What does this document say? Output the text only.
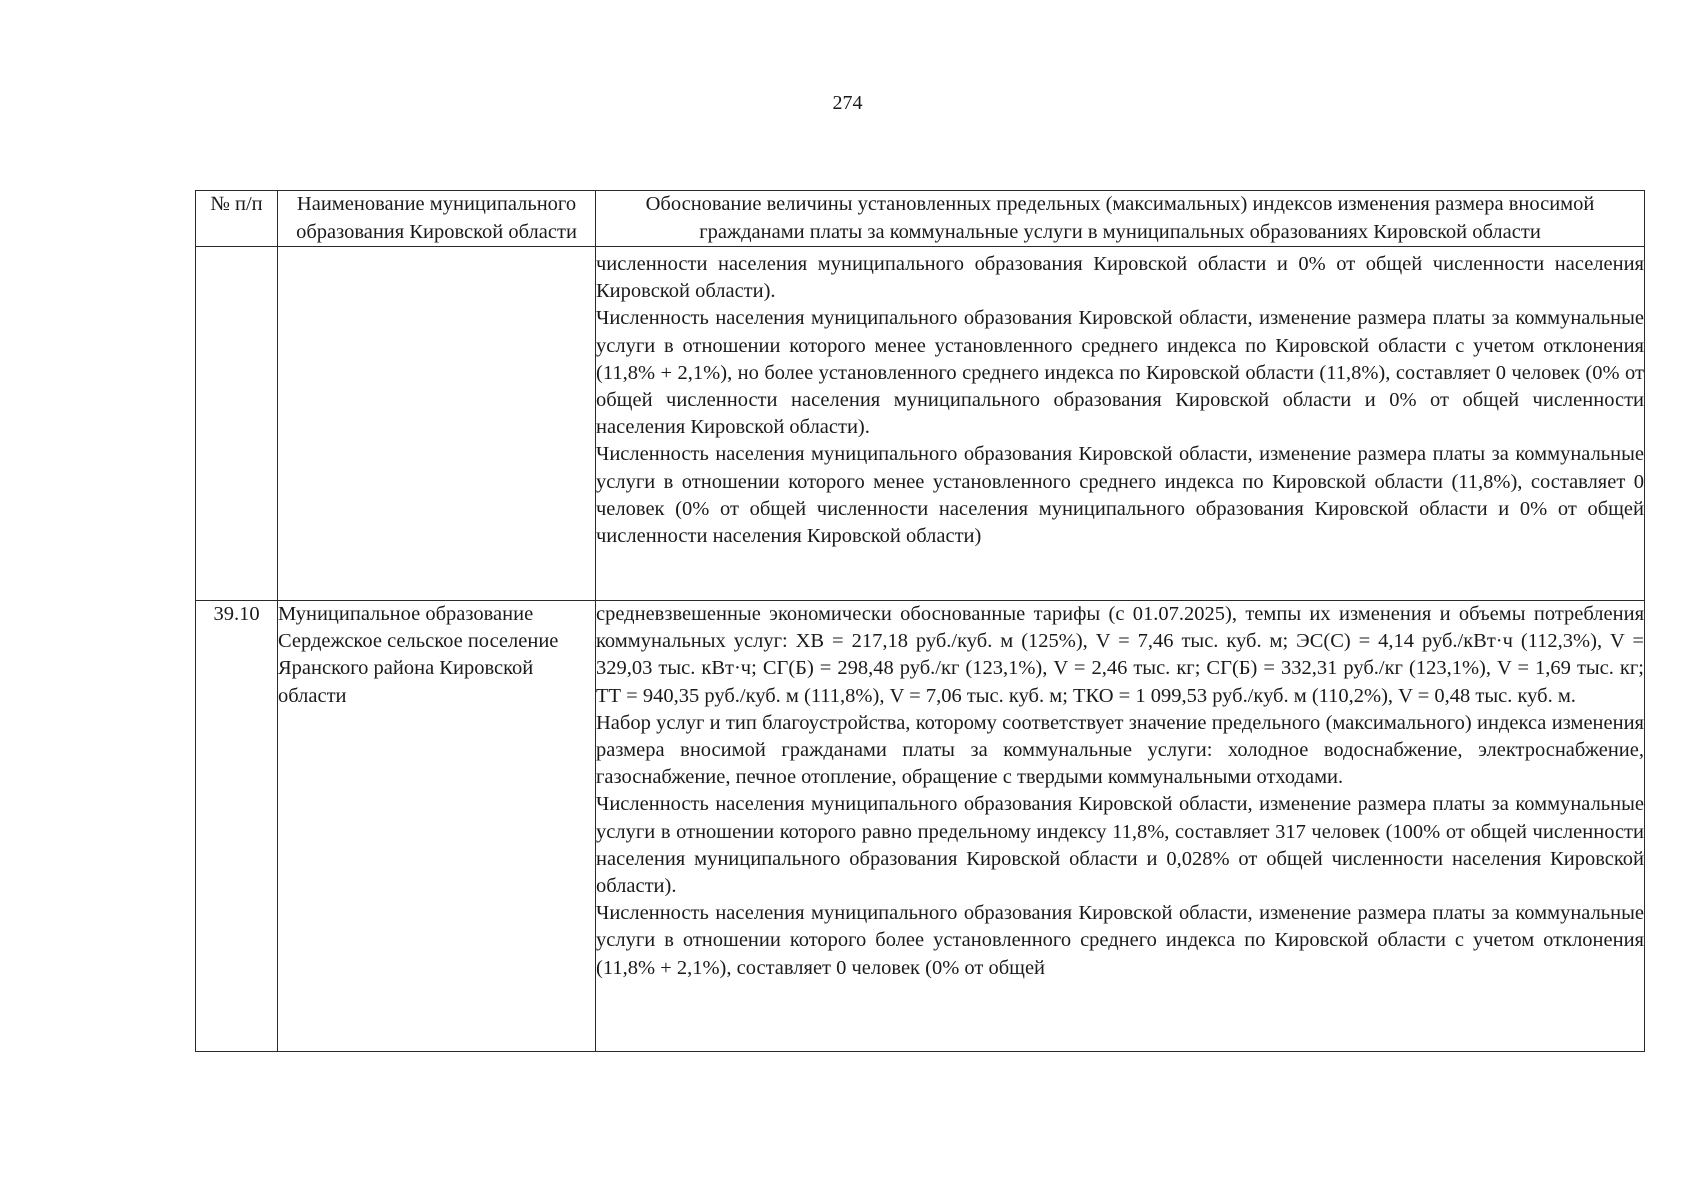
274
№ п/п	Наименование муниципального образования Кировской области	Обоснование величины установленных предельных (максимальных) индексов изменения размера вносимой гражданами платы за коммунальные услуги в муниципальных образованиях Кировской области

		численности населения муниципального образования Кировской области и 0% от общей численности населения Кировской области).
Численность населения муниципального образования Кировской области, изменение размера платы за коммунальные услуги в отношении которого менее установленного среднего индекса по Кировской области с учетом отклонения (11,8% + 2,1%), но более установленного среднего индекса по Кировской области (11,8%), составляет 0 человек (0% от общей численности населения муниципального образования Кировской области и 0% от общей численности населения Кировской области).
Численность населения муниципального образования Кировской области, изменение размера платы за коммунальные услуги в отношении которого менее установленного среднего индекса по Кировской области (11,8%), составляет 0 человек (0% от общей численности населения муниципального образования Кировской области и 0% от общей численности населения Кировской области)

39.10	Муниципальное образование Сердежское сельское поселение Яранского района Кировской области	средневзвешенные экономически обоснованные тарифы (с 01.07.2025), темпы их изменения и объемы потребления коммунальных услуг: ХВ = 217,18 руб./куб. м (125%), V = 7,46 тыс. куб. м; ЭС(С) = 4,14 руб./кВт·ч (112,3%), V = 329,03 тыс. кВт·ч; СГ(Б) = 298,48 руб./кг (123,1%), V = 2,46 тыс. кг; СГ(Б) = 332,31 руб./кг (123,1%), V = 1,69 тыс. кг; ТТ = 940,35 руб./куб. м (111,8%), V = 7,06 тыс. куб. м; ТКО = 1 099,53 руб./куб. м (110,2%), V = 0,48 тыс. куб. м.
Набор услуг и тип благоустройства, которому соответствует значение предельного (максимального) индекса изменения размера вносимой гражданами платы за коммунальные услуги: холодное водоснабжение, электроснабжение, газоснабжение, печное отопление, обращение с твердыми коммунальными отходами.
Численность населения муниципального образования Кировской области, изменение размера платы за коммунальные услуги в отношении которого равно предельному индексу 11,8%, составляет 317 человек (100% от общей численности населения муниципального образования Кировской области и 0,028% от общей численности населения Кировской области).
Численность населения муниципального образования Кировской области, изменение размера платы за коммунальные услуги в отношении которого более установленного среднего индекса по Кировской области с учетом отклонения (11,8% + 2,1%), составляет 0 человек (0% от общей
